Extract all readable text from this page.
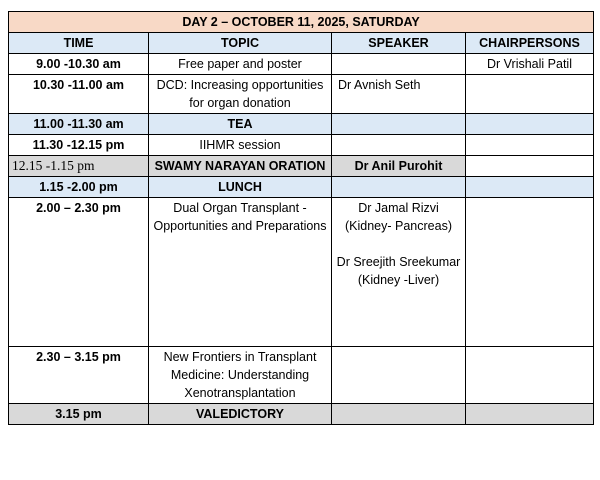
DAY 2 – OCTOBER 11, 2025, SATURDAY			
TIME	TOPIC	SPEAKER	CHAIRPERSONS
9.00 -10.30 am	Free paper and poster		Dr Vrishali Patil
10.30 -11.00 am	DCD: Increasing opportunities for organ donation	Dr Avnish Seth	
11.00 -11.30 am	TEA		
11.30 -12.15 pm	IIHMR session		
12.15 -1.15 pm	SWAMY NARAYAN ORATION	Dr Anil Purohit	
1.15 -2.00 pm	LUNCH		
2.00 – 2.30 pm	Dual Organ Transplant - Opportunities and Preparations	Dr Jamal Rizvi (Kidney- Pancreas)
Dr Sreejith Sreekumar (Kidney -Liver)	

2.30 – 3.15 pm	New Frontiers in Transplant Medicine: Understanding Xenotransplantation		
3.15 pm	VALEDICTORY		
